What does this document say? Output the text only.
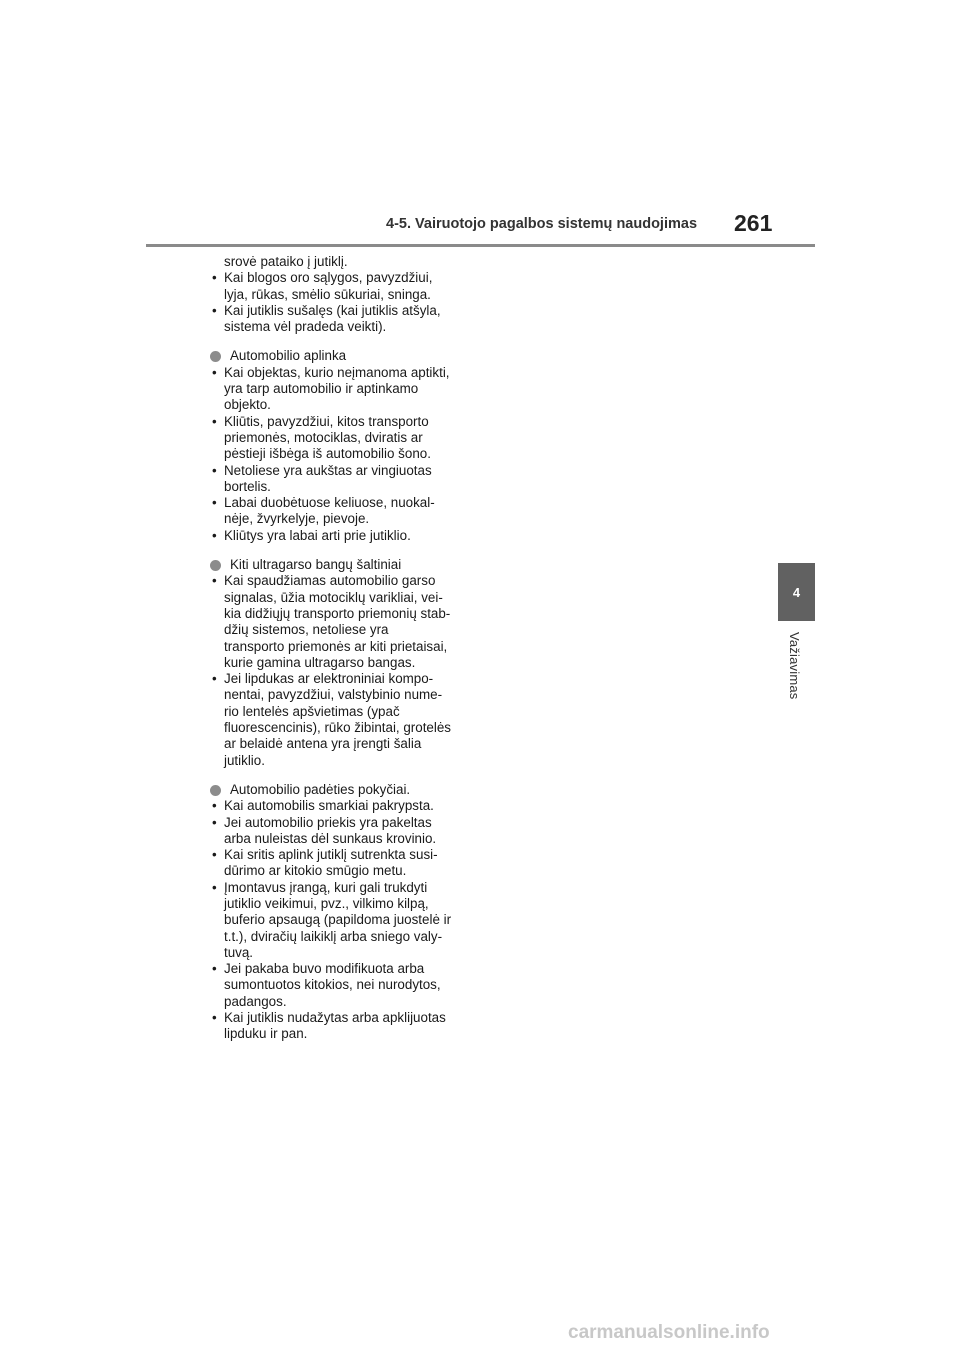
4-5. Vairuotojo pagalbos sistemų naudojimas 261
4
Važiavimas
srovė pataiko į jutiklį.
• Kai blogos oro sąlygos, pavyzdžiui,
lyja, rūkas, smėlio sūkuriai, sninga.
• Kai jutiklis sušalęs (kai jutiklis atšyla,
sistema vėl pradeda veikti).
Automobilio aplinka
• Kai objektas, kurio neįmanoma aptikti,
yra tarp automobilio ir aptinkamo
objekto.
• Kliūtis, pavyzdžiui, kitos transporto
priemonės, motociklas, dviratis ar
pėstieji išbėga iš automobilio šono.
• Netoliese yra aukštas ar vingiuotas
bortelis.
• Labai duobėtuose keliuose, nuokal-
nėje, žvyrkelyje, pievoje.
• Kliūtys yra labai arti prie jutiklio.
Kiti ultragarso bangų šaltiniai
• Kai spaudžiamas automobilio garso
signalas, ūžia motociklų varikliai, vei-
kia didžiųjų transporto priemonių stab-
džių sistemos, netoliese yra
transporto priemonės ar kiti prietaisai,
kurie gamina ultragarso bangas.
• Jei lipdukas ar elektroniniai kompo-
nentai, pavyzdžiui, valstybinio nume-
rio lentelės apšvietimas (ypač
fluorescencinis), rūko žibintai, grotelės
ar belaidė antena yra įrengti šalia
jutiklio.
Automobilio padėties pokyčiai.
• Kai automobilis smarkiai pakrypsta.
• Jei automobilio priekis yra pakeltas
arba nuleistas dėl sunkaus krovinio.
• Kai sritis aplink jutiklį sutrenkta susi-
dūrimo ar kitokio smūgio metu.
• Įmontavus įrangą, kuri gali trukdyti
jutiklio veikimui, pvz., vilkimo kilpą,
buferio apsaugą (papildoma juostelė ir
t.t.), dviračių laikiklį arba sniego valy-
tuvą.
• Jei pakaba buvo modifikuota arba
sumontuotos kitokios, nei nurodytos,
padangos.
• Kai jutiklis nudažytas arba apklijuotas
lipduku ir pan.
carmanualsonline.info
